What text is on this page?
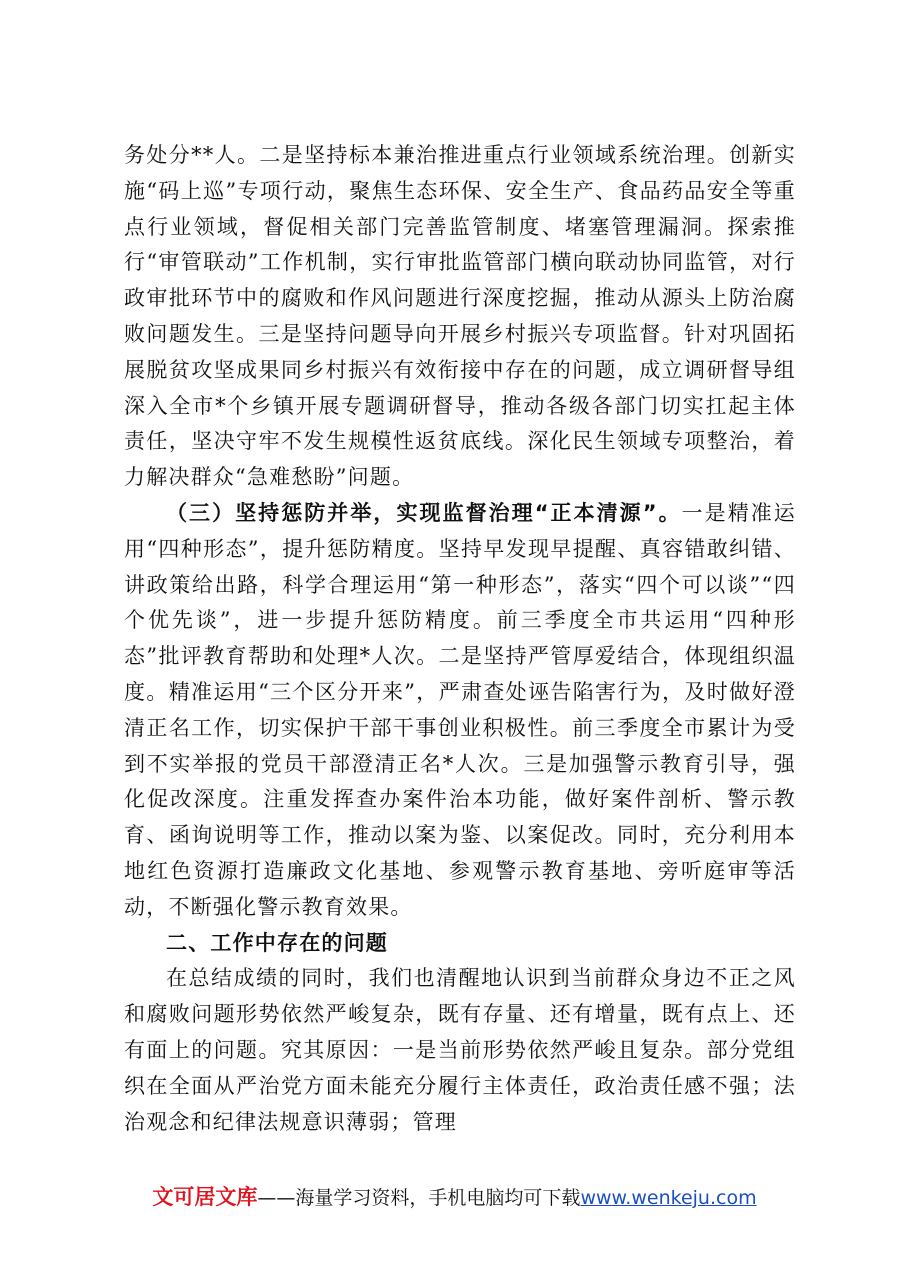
务处分**人。二是坚持标本兼治推进重点行业领域系统治理。创新实施“码上巡”专项行动，聚焦生态环保、安全生产、食品药品安全等重点行业领域，督促相关部门完善监管制度、堵塞管理漏洞。探索推行“审管联动”工作机制，实行审批监管部门横向联动协同监管，对行政审批环节中的腐败和作风问题进行深度挖掘，推动从源头上防治腐败问题发生。三是坚持问题导向开展乡村振兴专项监督。针对巩固拓展脱贫攻坚成果同乡村振兴有效衔接中存在的问题，成立调研督导组深入全市*个乡镇开展专题调研督导，推动各级各部门切实扛起主体责任，坚决守牢不发生规模性返贫底线。深化民生领域专项整治，着力解决群众“急难愁盼”问题。

（三）坚持惩防并举，实现监督治理“正本清源”。一是精准运用“四种形态”，提升惩防精度。坚持早发现早提醒、真容错敢纠错、讲政策给出路，科学合理运用“第一种形态”，落实“四个可以谈”“四个优先谈”，进一步提升惩防精度。前三季度全市共运用“四种形态”批评教育帮助和处理*人次。二是坚持严管厚爱结合，体现组织温度。精准运用“三个区分开来”，严肃查处诬告陷害行为，及时做好澄清正名工作，切实保护干部干事创业积极性。前三季度全市累计为受到不实举报的党员干部澄清正名*人次。三是加强警示教育引导，强化促改深度。注重发挥查办案件治本功能，做好案件剖析、警示教育、函询说明等工作，推动以案为鉴、以案促改。同时，充分利用本地红色资源打造廉政文化基地、参观警示教育基地、旁听庭审等活动，不断强化警示教育效果。

二、工作中存在的问题

在总结成绩的同时，我们也清醒地认识到当前群众身边不正之风和腐败问题形势依然严峻复杂，既有存量、还有增量，既有点上、还有面上的问题。究其原因：一是当前形势依然严峻且复杂。部分党组织在全面从严治党方面未能充分履行主体责任，政治责任感不强；法治观念和纪律法规意识薄弱；管理

文可居文库——海量学习资料，手机电脑均可下载www.wenkeju.com
